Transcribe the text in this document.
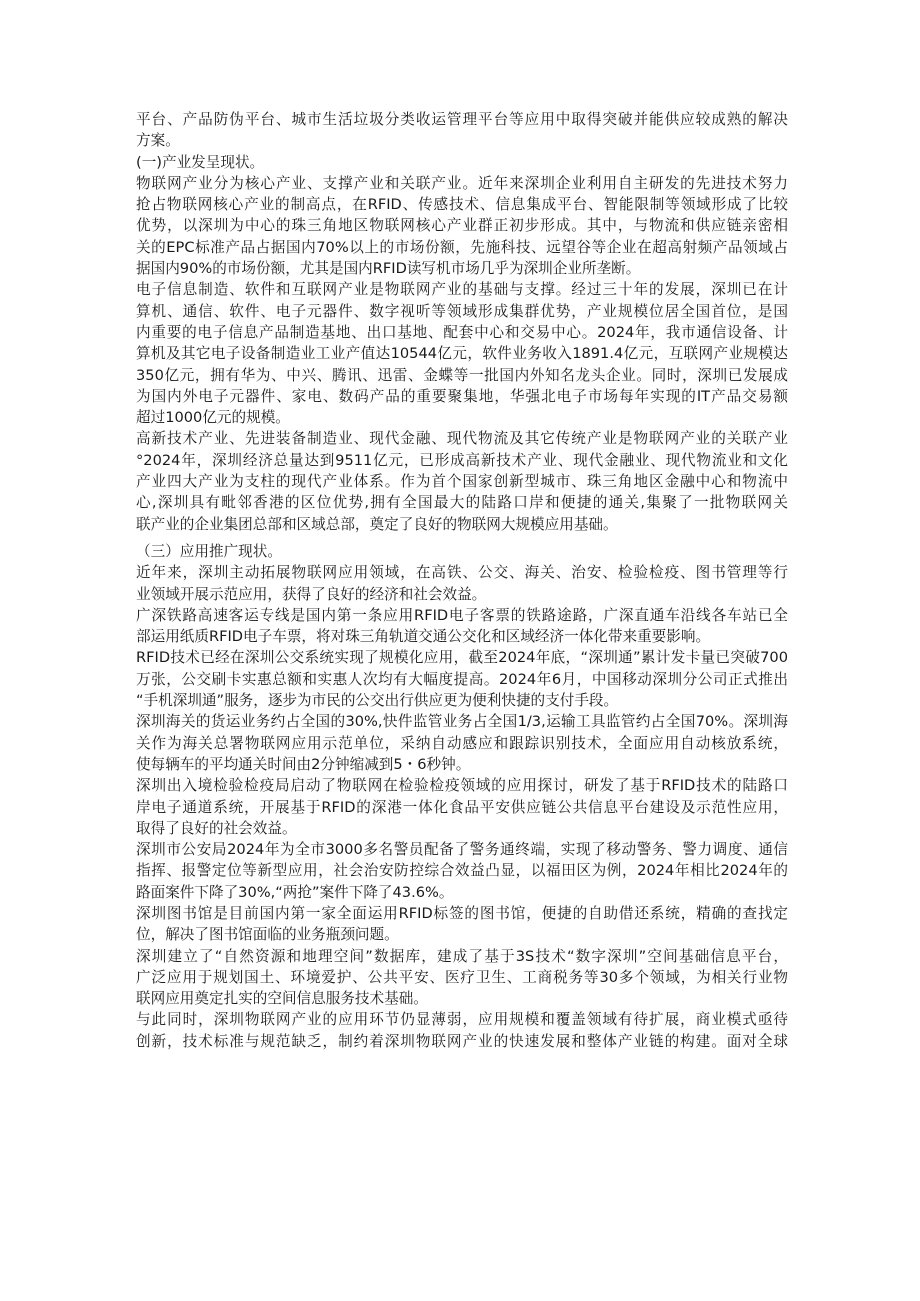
平台、产品防伪平台、城市生活垃圾分类收运管理平台等应用中取得突破并能供应较成熟的解决
方案。
(一)产业发呈现状。
物联网产业分为核心产业、支撑产业和关联产业。近年来深圳企业利用自主研发的先进技术努力
抢占物联网核心产业的制高点，在RFID、传感技术、信息集成平台、智能限制等领域形成了比较
优势，以深圳为中心的珠三角地区物联网核心产业群正初步形成。其中，与物流和供应链亲密相
关的EPC标准产品占据国内70%以上的市场份额，先施科技、远望谷等企业在超高射频产品领域占
据国内90%的市场份额，尤其是国内RFID读写机市场几乎为深圳企业所垄断。
电子信息制造、软件和互联网产业是物联网产业的基础与支撑。经过三十年的发展，深圳已在计
算机、通信、软件、电子元器件、数字视听等领域形成集群优势，产业规模位居全国首位，是国
内重要的电子信息产品制造基地、出口基地、配套中心和交易中心。2024年，我市通信设备、计
算机及其它电子设备制造业工业产值达10544亿元，软件业务收入1891.4亿元，互联网产业规模达
350亿元，拥有华为、中兴、腾讯、迅雷、金蝶等一批国内外知名龙头企业。同时，深圳已发展成
为国内外电子元器件、家电、数码产品的重要聚集地，华强北电子市场每年实现的IT产品交易额
超过1000亿元的规模。
高新技术产业、先进装备制造业、现代金融、现代物流及其它传统产业是物联网产业的关联产业
°2024年，深圳经济总量达到9511亿元，已形成高新技术产业、现代金融业、现代物流业和文化
产业四大产业为支柱的现代产业体系。作为首个国家创新型城市、珠三角地区金融中心和物流中
心,深圳具有毗邻香港的区位优势,拥有全国最大的陆路口岸和便捷的通关,集聚了一批物联网关
联产业的企业集团总部和区域总部，奠定了良好的物联网大规模应用基础。
（三）应用推广现状。
近年来，深圳主动拓展物联网应用领域，在高铁、公交、海关、治安、检验检疫、图书管理等行
业领域开展示范应用，获得了良好的经济和社会效益。
广深铁路高速客运专线是国内第一条应用RFID电子客票的铁路途路，广深直通车沿线各车站已全
部运用纸质RFID电子车票，将对珠三角轨道交通公交化和区域经济一体化带来重要影响。
RFID技术已经在深圳公交系统实现了规模化应用，截至2024年底，“深圳通”累计发卡量已突破700
万张，公交刷卡实惠总额和实惠人次均有大幅度提高。2024年6月，中国移动深圳分公司正式推出
“手机深圳通”服务，逐步为市民的公交出行供应更为便利快捷的支付手段。
深圳海关的货运业务约占全国的30%,快件监管业务占全国1/3,运输工具监管约占全国70%。深圳海
关作为海关总署物联网应用示范单位，采纳自动感应和跟踪识别技术，全面应用自动核放系统，
使每辆车的平均通关时间由2分钟缩减到5・6秒钟。
深圳出入境检验检疫局启动了物联网在检验检疫领域的应用探讨，研发了基于RFID技术的陆路口
岸电子通道系统，开展基于RFID的深港一体化食品平安供应链公共信息平台建设及示范性应用，
取得了良好的社会效益。
深圳市公安局2024年为全市3000多名警员配备了警务通终端，实现了移动警务、警力调度、通信
指挥、报警定位等新型应用，社会治安防控综合效益凸显，以福田区为例，2024年相比2024年的
路面案件下降了30%,“两抢”案件下降了43.6%。
深圳图书馆是目前国内第一家全面运用RFID标签的图书馆，便捷的自助借还系统，精确的查找定
位，解决了图书馆面临的业务瓶颈问题。
深圳建立了“自然资源和地理空间”数据库，建成了基于3S技术“数字深圳”空间基础信息平台，
广泛应用于规划国土、环境爱护、公共平安、医疗卫生、工商税务等30多个领域，为相关行业物
联网应用奠定扎实的空间信息服务技术基础。
与此同时，深圳物联网产业的应用环节仍显薄弱，应用规模和覆盖领域有待扩展，商业模式亟待
创新，技术标准与规范缺乏，制约着深圳物联网产业的快速发展和整体产业链的构建。面对全球
